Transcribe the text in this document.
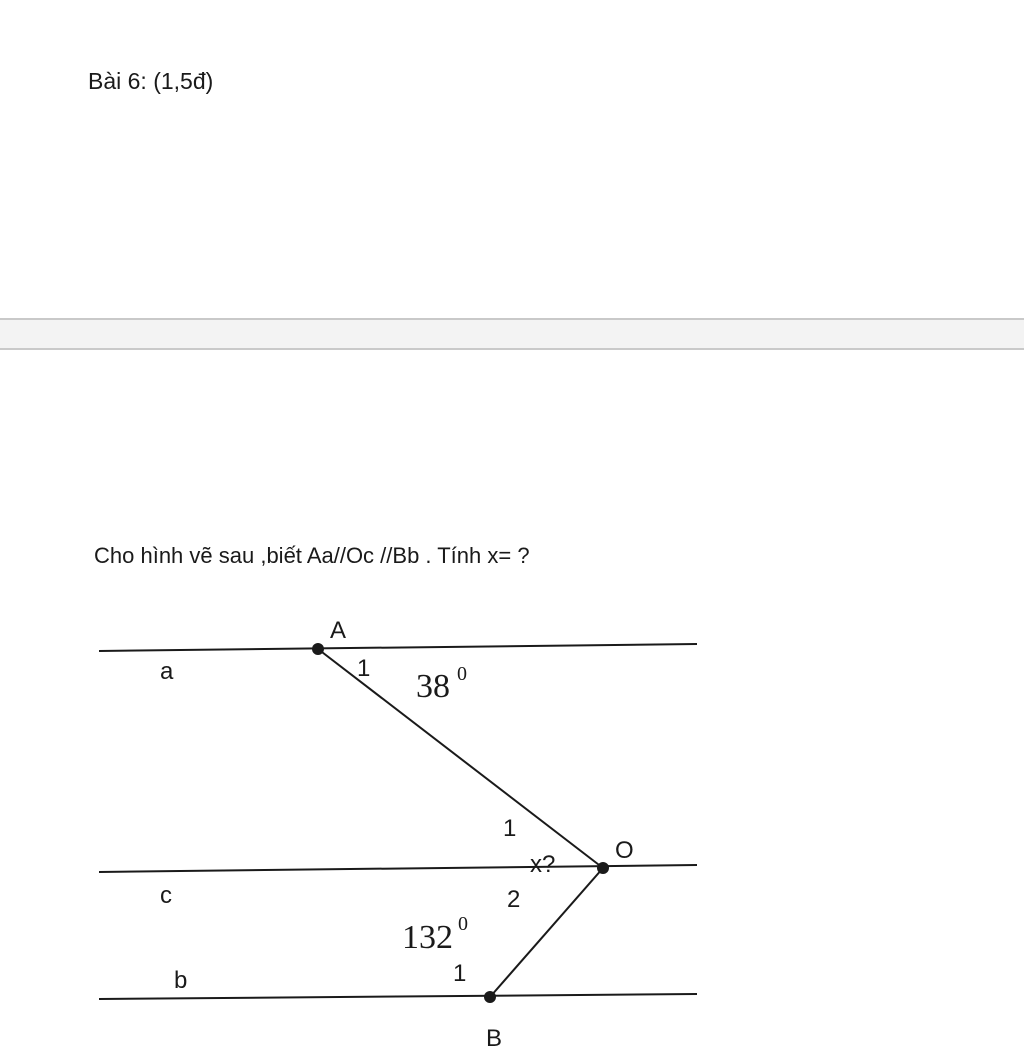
Bài 6: (1,5đ)
Cho hình vẽ sau ,biết Aa//Oc //Bb . Tính x= ?
A
O
B
a
c
b
1 38 0
1
x?
2
132 0
1
